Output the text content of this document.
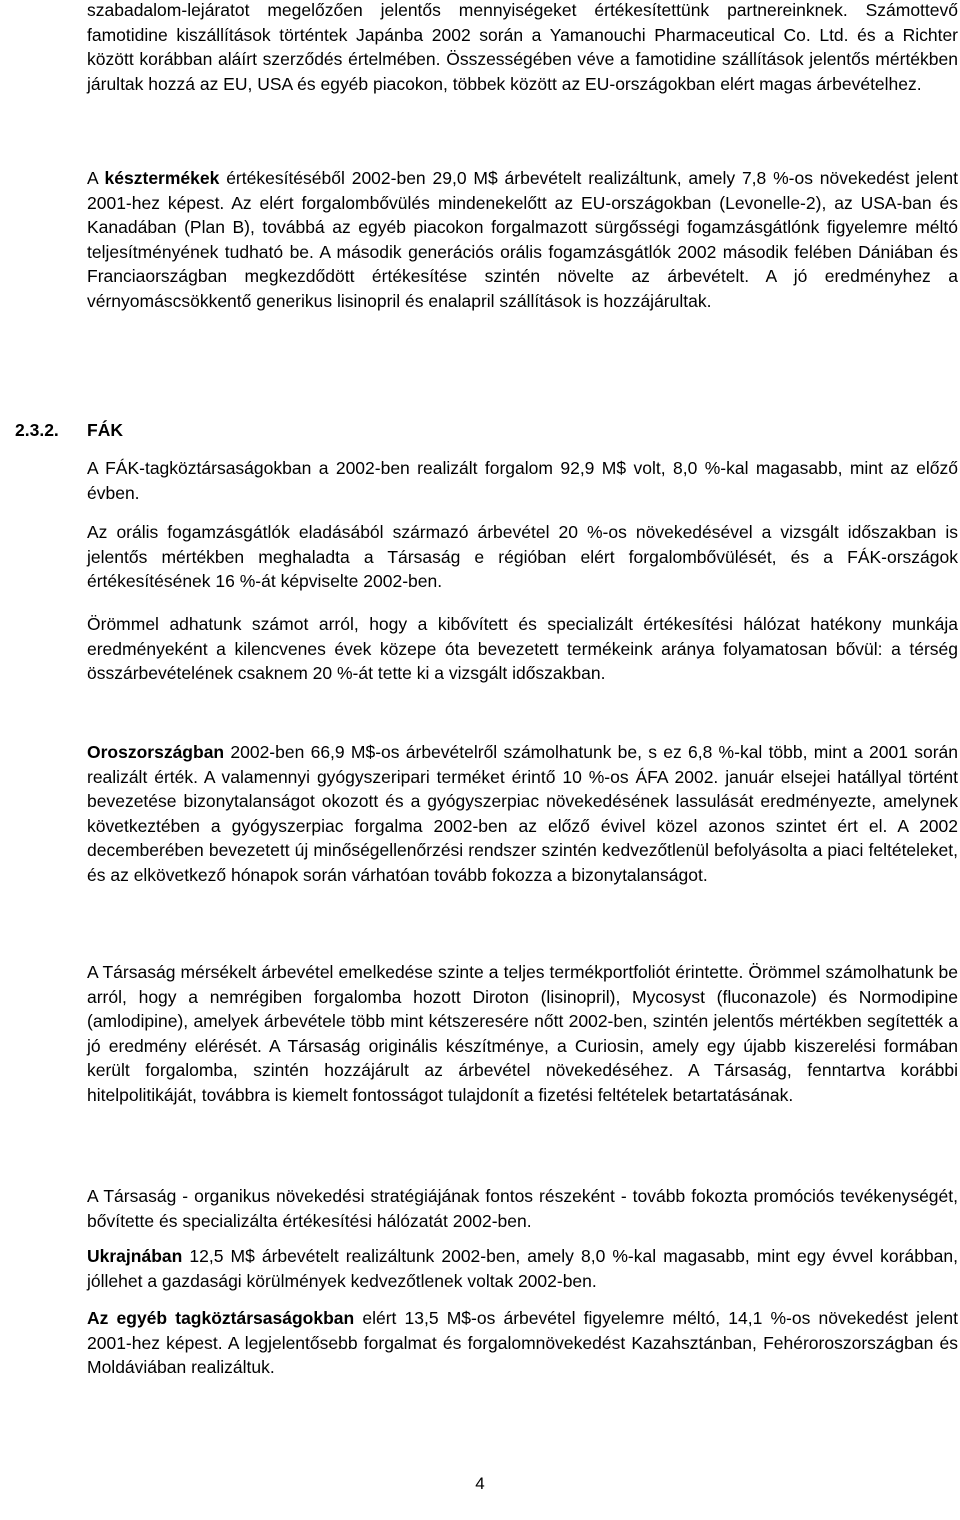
szabadalom-lejáratot megelőzően jelentős mennyiségeket értékesítettünk partnereinknek. Számottevő famotidine kiszállítások történtek Japánba 2002 során a Yamanouchi Pharmaceutical Co. Ltd. és a Richter között korábban aláírt szerződés értelmében. Összességében véve a famotidine szállítások jelentős mértékben járultak hozzá az EU, USA és egyéb piacokon, többek között az EU-országokban elért magas árbevételhez.

A késztermékek értékesítéséből 2002-ben 29,0 M$ árbevételt realizáltunk, amely 7,8 %-os növekedést jelent 2001-hez képest. Az elért forgalombővülés mindenekelőtt az EU-országokban (Levonelle-2), az USA-ban és Kanadában (Plan B), továbbá az egyéb piacokon forgalmazott sürgősségi fogamzásgátlónk figyelemre méltó teljesítményének tudható be. A második generációs orális fogamzásgátlók 2002 második felében Dániában és Franciaországban megkezdődött értékesítése szintén növelte az árbevételt. A jó eredményhez a vérnyomáscsökkentő generikus lisinopril és enalapril szállítások is hozzájárultak.

2.3.2. FÁK

A FÁK-tagköztársaságokban a 2002-ben realizált forgalom 92,9 M$ volt, 8,0 %-kal magasabb, mint az előző évben.

Az orális fogamzásgátlók eladásából származó árbevétel 20 %-os növekedésével a vizsgált időszakban is jelentős mértékben meghaladta a Társaság e régióban elért forgalombővülését, és a FÁK-országok értékesítésének 16 %-át képviselte 2002-ben.

Örömmel adhatunk számot arról, hogy a kibővített és specializált értékesítési hálózat hatékony munkája eredményeként a kilencvenes évek közepe óta bevezetett termékeink aránya folyamatosan bővül: a térség összárbevételének csaknem 20 %-át tette ki a vizsgált időszakban.

Oroszországban 2002-ben 66,9 M$-os árbevételről számolhatunk be, s ez 6,8 %-kal több, mint a 2001 során realizált érték. A valamennyi gyógyszeripari terméket érintő 10 %-os ÁFA 2002. január elsejei hatállyal történt bevezetése bizonytalanságot okozott és a gyógyszerpiac növekedésének lassulását eredményezte, amelynek következtében a gyógyszerpiac forgalma 2002-ben az előző évivel közel azonos szintet ért el. A 2002 decemberében bevezetett új minőségellenőrzési rendszer szintén kedvezőtlenül befolyásolta a piaci feltételeket, és az elkövetkező hónapok során várhatóan tovább fokozza a bizonytalanságot.

A Társaság mérsékelt árbevétel emelkedése szinte a teljes termékportfoliót érintette. Örömmel számolhatunk be arról, hogy a nemrégiben forgalomba hozott Diroton (lisinopril), Mycosyst (fluconazole) és Normodipine (amlodipine), amelyek árbevétele több mint kétszeresére nőtt 2002-ben, szintén jelentős mértékben segítették a jó eredmény elérését. A Társaság originális készítménye, a Curiosin, amely egy újabb kiszerelési formában került forgalomba, szintén hozzájárult az árbevétel növekedéséhez. A Társaság, fenntartva korábbi hitelpolitikáját, továbbra is kiemelt fontosságot tulajdonít a fizetési feltételek betartatásának.

A Társaság - organikus növekedési stratégiájának fontos részeként - tovább fokozta promóciós tevékenységét, bővítette és specializálta értékesítési hálózatát 2002-ben.

Ukrajnában 12,5 M$ árbevételt realizáltunk 2002-ben, amely 8,0 %-kal magasabb, mint egy évvel korábban, jóllehet a gazdasági körülmények kedvezőtlenek voltak 2002-ben.

Az egyéb tagköztársaságokban elért 13,5 M$-os árbevétel figyelemre méltó, 14,1 %-os növekedést jelent 2001-hez képest. A legjelentősebb forgalmat és forgalomnövekedést Kazahsztánban, Fehéroroszországban és Moldáviában realizáltuk.

4
